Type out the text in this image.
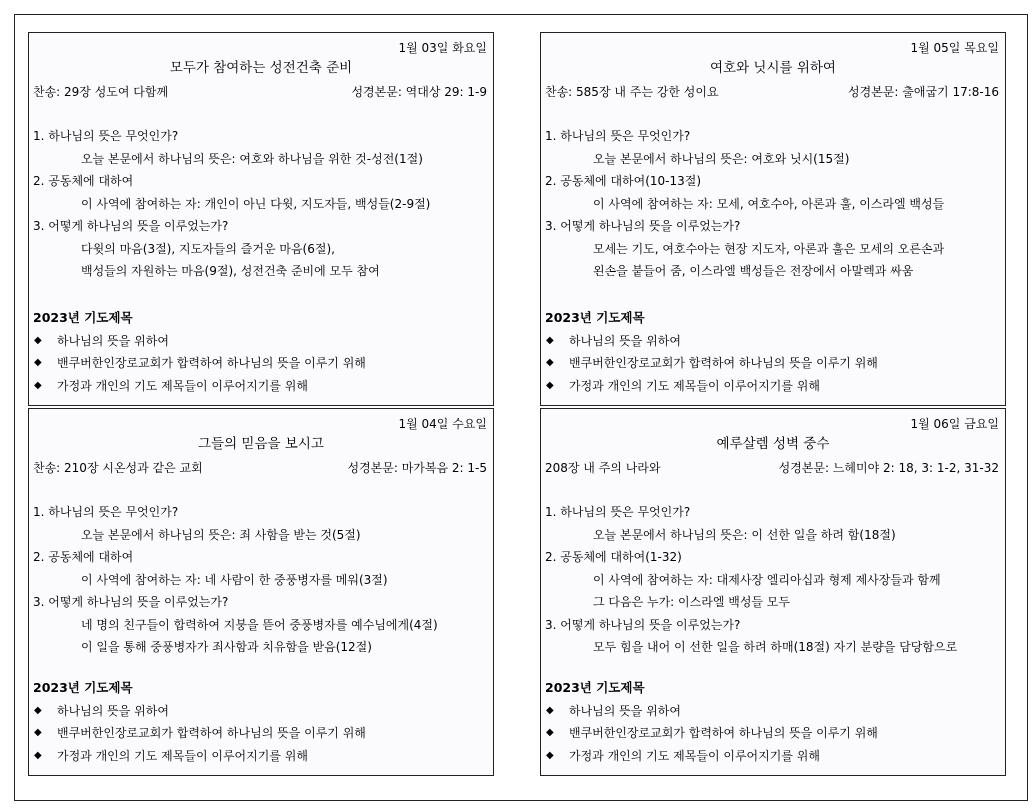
1월 03일 화요일
모두가 참여하는 성전건축 준비
찬송: 29장 성도여 다함께	성경본문: 역대상 29: 1-9
1. 하나님의 뜻은 무엇인가?
오늘 본문에서 하나님의 뜻은: 여호와 하나님을 위한 것-성전(1절)
2. 공동체에 대하여
이 사역에 참여하는 자: 개인이 아닌 다윗, 지도자들, 백성들(2-9절)
3. 어떻게 하나님의 뜻을 이루었는가?
다윗의 마음(3절), 지도자들의 즐거운 마음(6절),
백성들의 자원하는 마음(9절), 성전건축 준비에 모두 참여
2023년 기도제목
◆ 하나님의 뜻을 위하여
◆ 밴쿠버한인장로교회가 합력하여 하나님의 뜻을 이루기 위해
◆ 가정과 개인의 기도 제목들이 이루어지기를 위해
1월 05일 목요일
여호와 닛시를 위하여
찬송: 585장 내 주는 강한 성이요	성경본문: 출애굽기 17:8-16
1. 하나님의 뜻은 무엇인가?
오늘 본문에서 하나님의 뜻은: 여호와 닛시(15절)
2. 공동체에 대하여(10-13절)
이 사역에 참여하는 자: 모세, 여호수아, 아론과 훌, 이스라엘 백성들
3. 어떻게 하나님의 뜻을 이루었는가?
모세는 기도, 여호수아는 현장 지도자, 아론과 훌은 모세의 오른손과
왼손을 붙들어 줌, 이스라엘 백성들은 전장에서 아말렉과 싸움
2023년 기도제목
◆ 하나님의 뜻을 위하여
◆ 밴쿠버한인장로교회가 합력하여 하나님의 뜻을 이루기 위해
◆ 가정과 개인의 기도 제목들이 이루어지기를 위해
1월 04일 수요일
그들의 믿음을 보시고
찬송: 210장 시온성과 같은 교회	성경본문: 마가복음 2: 1-5
1. 하나님의 뜻은 무엇인가?
오늘 본문에서 하나님의 뜻은: 죄 사함을 받는 것(5절)
2. 공동체에 대하여
이 사역에 참여하는 자: 네 사람이 한 중풍병자를 메워(3절)
3. 어떻게 하나님의 뜻을 이루었는가?
네 명의 친구들이 합력하여 지붕을 뜯어 중풍병자를 예수님에게(4절)
이 일을 통해 중풍병자가 죄사함과 치유함을 받음(12절)
2023년 기도제목
◆ 하나님의 뜻을 위하여
◆ 밴쿠버한인장로교회가 합력하여 하나님의 뜻을 이루기 위해
◆ 가정과 개인의 기도 제목들이 이루어지기를 위해
1월 06일 금요일
예루살렘 성벽 중수
208장 내 주의 나라와	성경본문: 느헤미야 2: 18, 3: 1-2, 31-32
1. 하나님의 뜻은 무엇인가?
오늘 본문에서 하나님의 뜻은: 이 선한 일을 하려 함(18절)
2. 공동체에 대하여(1-32)
이 사역에 참여하는 자: 대제사장 엘리아십과 형제 제사장들과 함께
그 다음은 누가: 이스라엘 백성들 모두
3. 어떻게 하나님의 뜻을 이루었는가?
모두 힘을 내어 이 선한 일을 하려 하매(18절) 자기 분량을 담당함으로
2023년 기도제목
◆ 하나님의 뜻을 위하여
◆ 밴쿠버한인장로교회가 합력하여 하나님의 뜻을 이루기 위해
◆ 가정과 개인의 기도 제목들이 이루어지기를 위해
